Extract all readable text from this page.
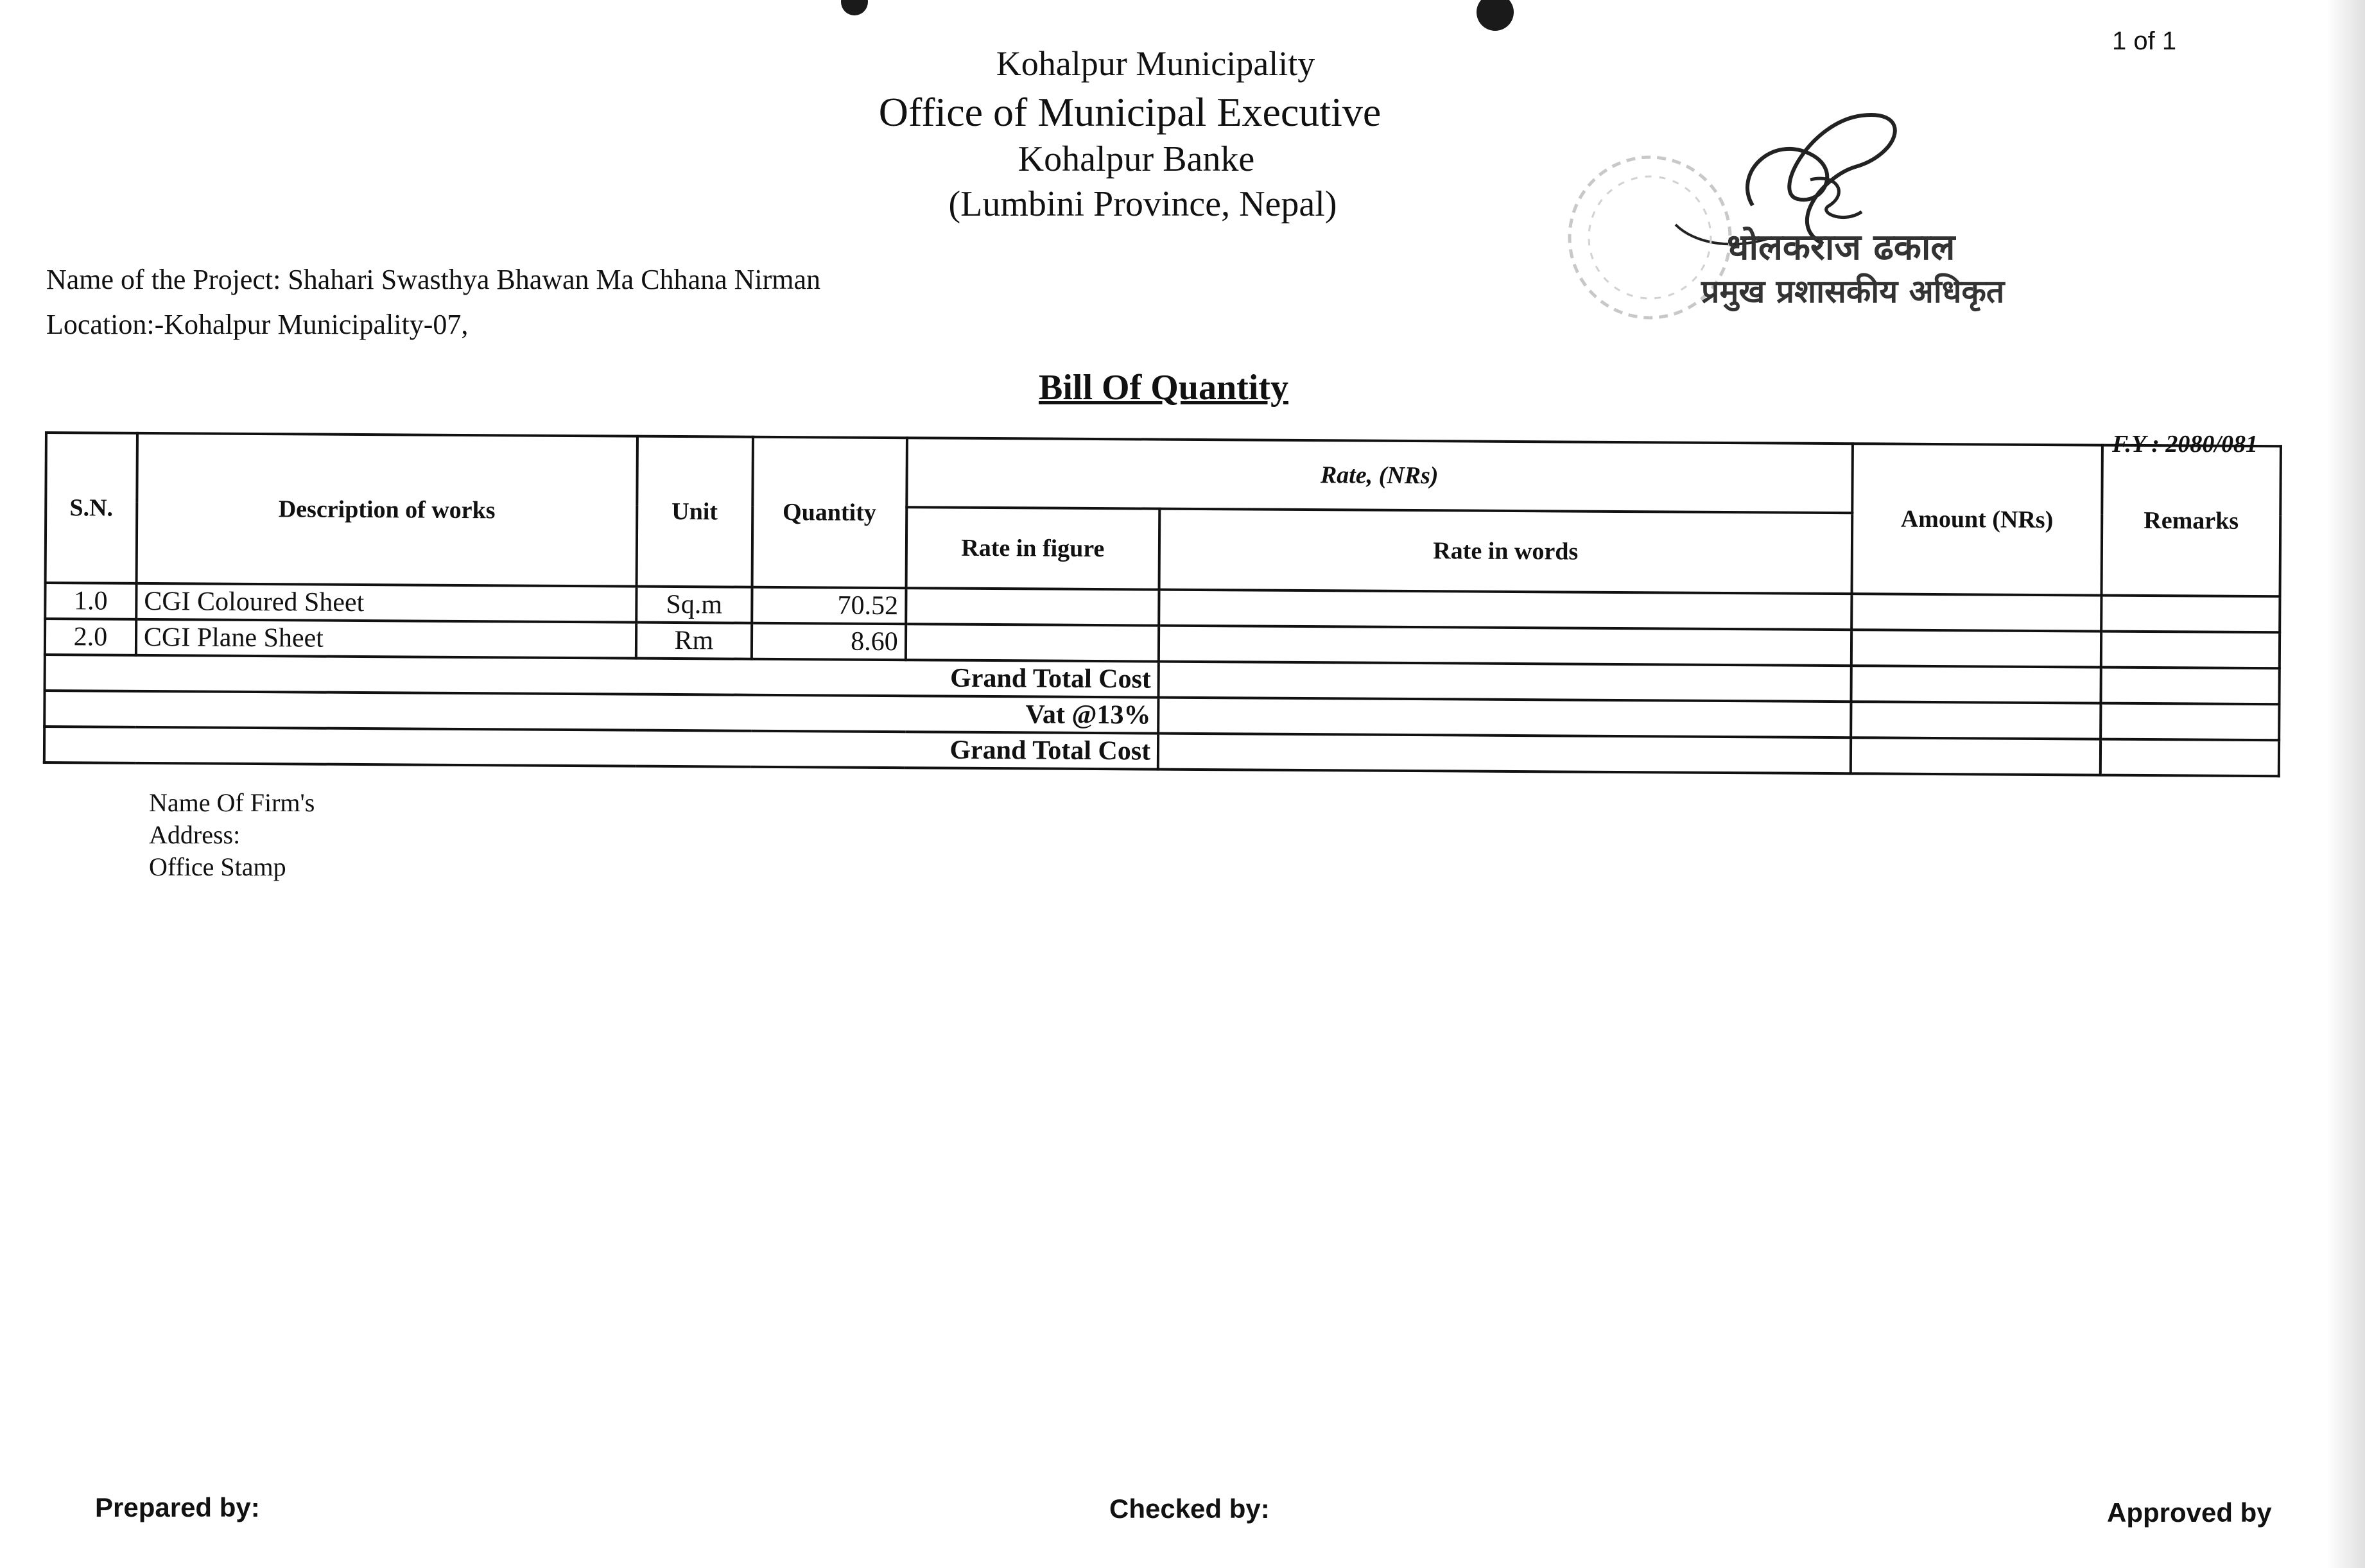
1 of 1
Kohalpur Municipality
Office of Municipal Executive
Kohalpur Banke
(Lumbini Province, Nepal)
धोलकराज ढकाल
प्रमुख प्रशासकीय अधिकृत
Name of the Project: Shahari Swasthya Bhawan Ma Chhana Nirman
Location:-Kohalpur Municipality-07,
Bill Of Quantity
F.Y : 2080/081
S.N.	Description of works	Unit	Quantity	Rate, (NRs)		Amount (NRs)	Remarks
				Rate in figure	Rate in words		
1.0	CGI Coloured Sheet	Sq.m	70.52				
2.0	CGI Plane Sheet	Rm	8.60				
Grand Total Cost							
Vat @13%							
Grand Total Cost							
Name Of Firm's
Address:
Office Stamp
Prepared by:	Checked by:	Approved by
